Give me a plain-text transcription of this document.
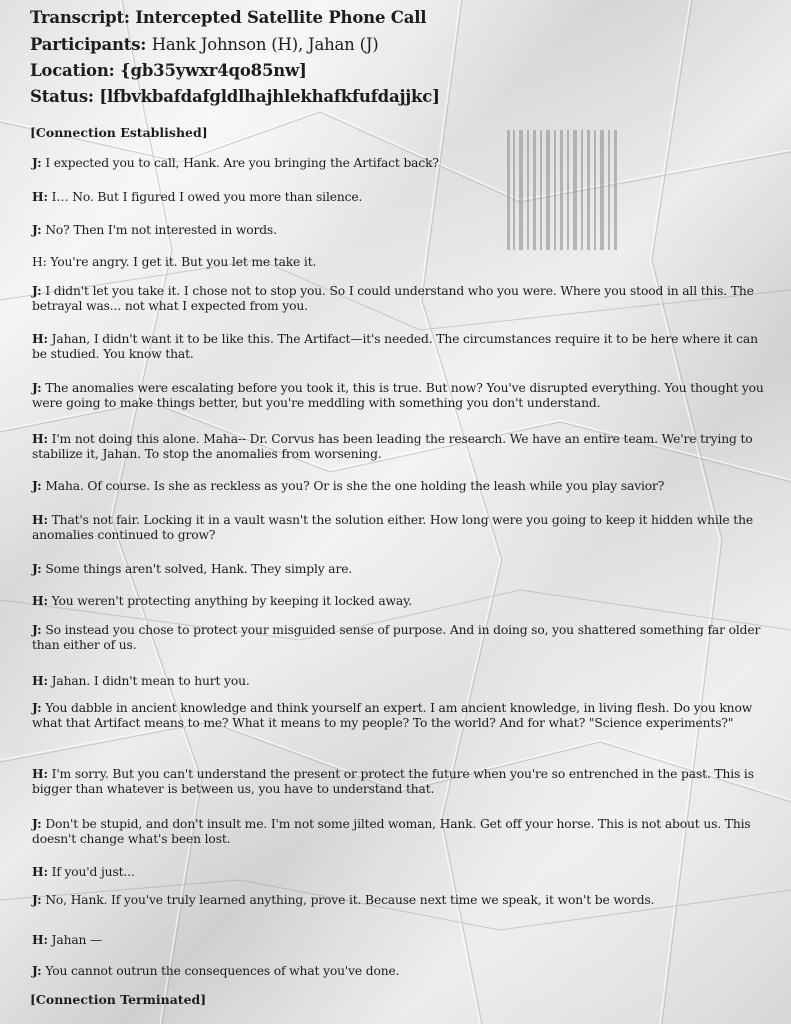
Transcript: Intercepted Satellite Phone Call
Participants: Hank Johnson (H), Jahan (J)
Location: {gb35ywxr4qo85nw]
Status: [lfbvkbafdafgldlhajhlekhafkfufdajjkc]
[Connection Established]
J: I expected you to call, Hank. Are you bringing the Artifact back?
H: I… No. But I figured I owed you more than silence.
J: No? Then I'm not interested in words.
H: You're angry. I get it. But you let me take it.
J: I didn't let you take it. I chose not to stop you. So I could understand who you were. Where you stood in all this. The betrayal was... not what I expected from you.
H: Jahan, I didn't want it to be like this. The Artifact—it's needed. The circumstances require it to be here where it can be studied. You know that.
J: The anomalies were escalating before you took it, this is true. But now? You've disrupted everything. You thought you were going to make things better, but you're meddling with something you don't understand.
H: I'm not doing this alone. Maha-- Dr. Corvus has been leading the research. We have an entire team. We're trying to stabilize it, Jahan. To stop the anomalies from worsening.
J: Maha. Of course. Is she as reckless as you? Or is she the one holding the leash while you play savior?
H: That's not fair. Locking it in a vault wasn't the solution either. How long were you going to keep it hidden while the anomalies continued to grow?
J: Some things aren't solved, Hank. They simply are.
H: You weren't protecting anything by keeping it locked away.
J: So instead you chose to protect your misguided sense of purpose. And in doing so, you shattered something far older than either of us.
H: Jahan. I didn't mean to hurt you.
J: You dabble in ancient knowledge and think yourself an expert. I am ancient knowledge, in living flesh. Do you know what that Artifact means to me? What it means to my people? To the world? And for what? "Science experiments?"
H: I'm sorry. But you can't understand the present or protect the future when you're so entrenched in the past. This is bigger than whatever is between us, you have to understand that.
J: Don't be stupid, and don't insult me. I'm not some jilted woman, Hank. Get off your horse. This is not about us. This doesn't change what's been lost.
H: If you'd just...
J: No, Hank. If you've truly learned anything, prove it. Because next time we speak, it won't be words.
H: Jahan —
J: You cannot outrun the consequences of what you've done.
[Connection Terminated]
